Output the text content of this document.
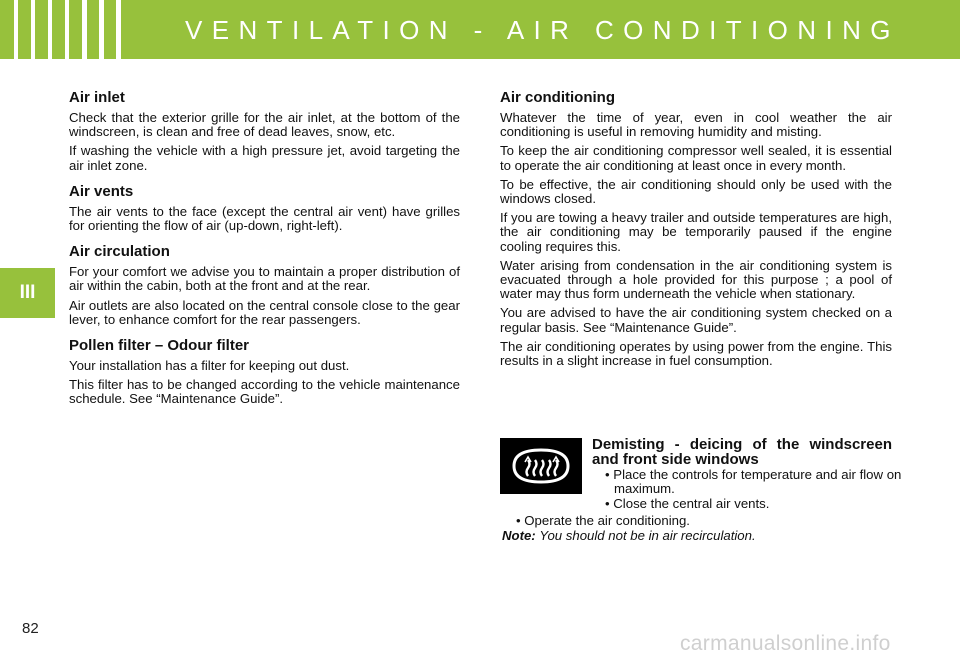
VENTILATION - AIR CONDITIONING
III
Air inlet

Check that the exterior grille for the air inlet, at the bottom of the windscreen, is clean and free of dead leaves, snow, etc.

If washing the vehicle with a high pressure jet, avoid targeting the air inlet zone.

Air vents

The air vents to the face (except the central air vent) have grilles for orienting the flow of air (up-down, right-left).

Air circulation

For your comfort we advise you to maintain a proper distribution of air within the cabin, both at the front and at the rear.

Air outlets are also located on the central console close to the gear lever, to enhance comfort for the rear passengers.

Pollen filter – Odour filter

Your installation has a filter for keeping out dust.

This filter has to be changed according to the vehicle maintenance schedule. See “Maintenance Guide”.

Air conditioning

Whatever the time of year, even in cool weather the air conditioning is useful in removing humidity and misting.

To keep the air conditioning compressor well sealed, it is essential to operate the air conditioning at least once in every month.

To be effective, the air conditioning should only be used with the windows closed.

If you are towing a heavy trailer and outside temperatures are high, the air conditioning may be temporarily paused if the engine cooling requires this.

Water arising from condensation in the air conditioning system is evacuated through a hole provided for this purpose ; a pool of water may thus form underneath the vehicle when stationary.

You are advised to have the air conditioning system checked on a regular basis. See “Maintenance Guide”.

The air conditioning operates by using power from the engine. This results in a slight increase in fuel consumption.

Demisting - deicing of the windscreen and front side windows
• Place the controls for temperature and air flow on maximum.
• Close the central air vents.
• Operate the air conditioning.
Note: You should not be in air recirculation.
82
carmanualsonline.info
